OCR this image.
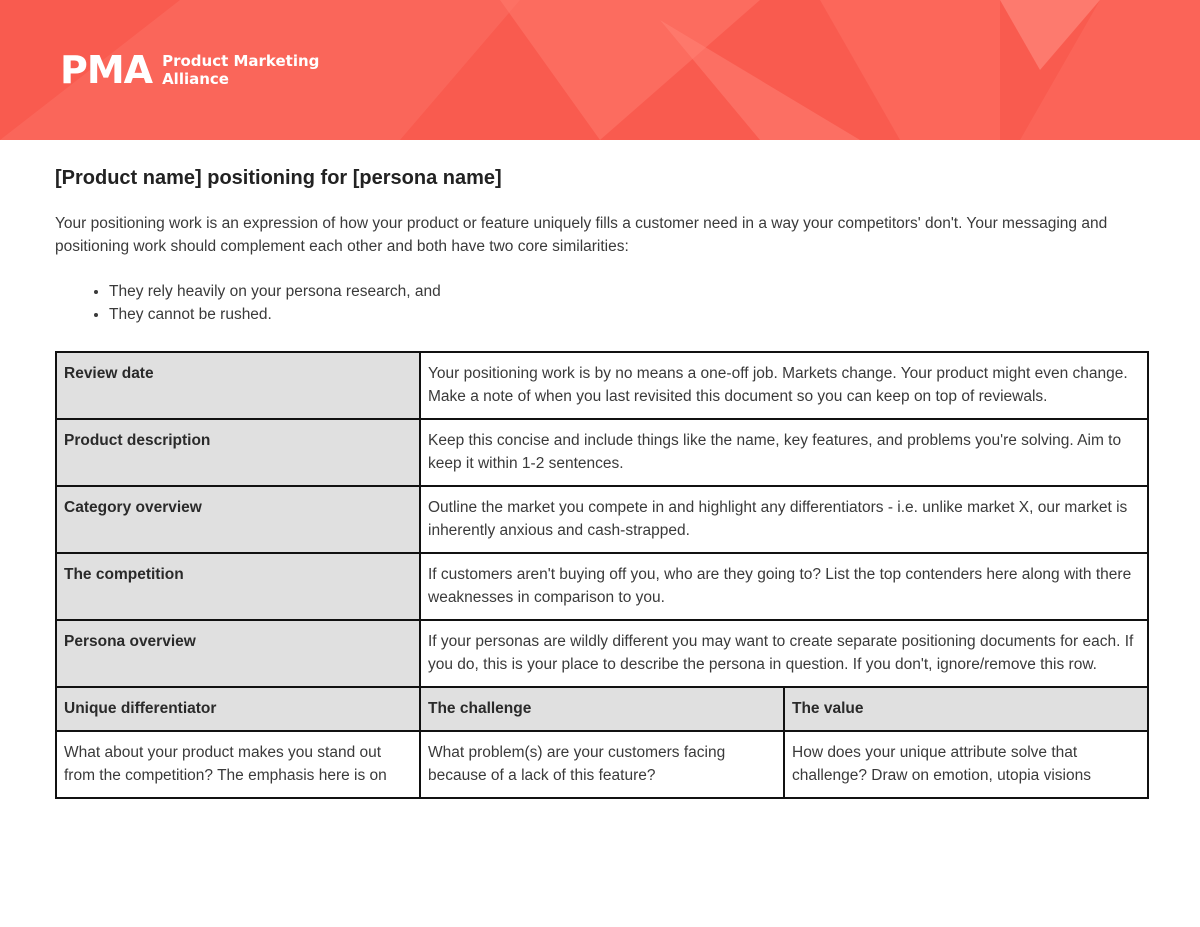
PMA Product Marketing
Alliance
[Product name] positioning for [persona name]

Your positioning work is an expression of how your product or feature uniquely fills a customer need in a way your competitors' don't. Your messaging and positioning work should complement each other and both have two core similarities:

• They rely heavily on your persona research, and
• They cannot be rushed.
Review date	Your positioning work is by no means a one-off job. Markets change. Your product might even change. Make a note of when you last revisited this document so you can keep on top of reviewals.	
Product description	Keep this concise and include things like the name, key features, and problems you're solving. Aim to keep it within 1-2 sentences.	
Category overview	Outline the market you compete in and highlight any differentiators - i.e. unlike market X, our market is inherently anxious and cash-strapped.	
The competition	If customers aren't buying off you, who are they going to? List the top contenders here along with there weaknesses in comparison to you.	
Persona overview	If your personas are wildly different you may want to create separate positioning documents for each. If you do, this is your place to describe the persona in question. If you don't, ignore/remove this row.	
Unique differentiator	The challenge	The value
What about your product makes you stand out from the competition? The emphasis here is on	What problem(s) are your customers facing because of a lack of this feature?	How does your unique attribute solve that challenge? Draw on emotion, utopia visions
